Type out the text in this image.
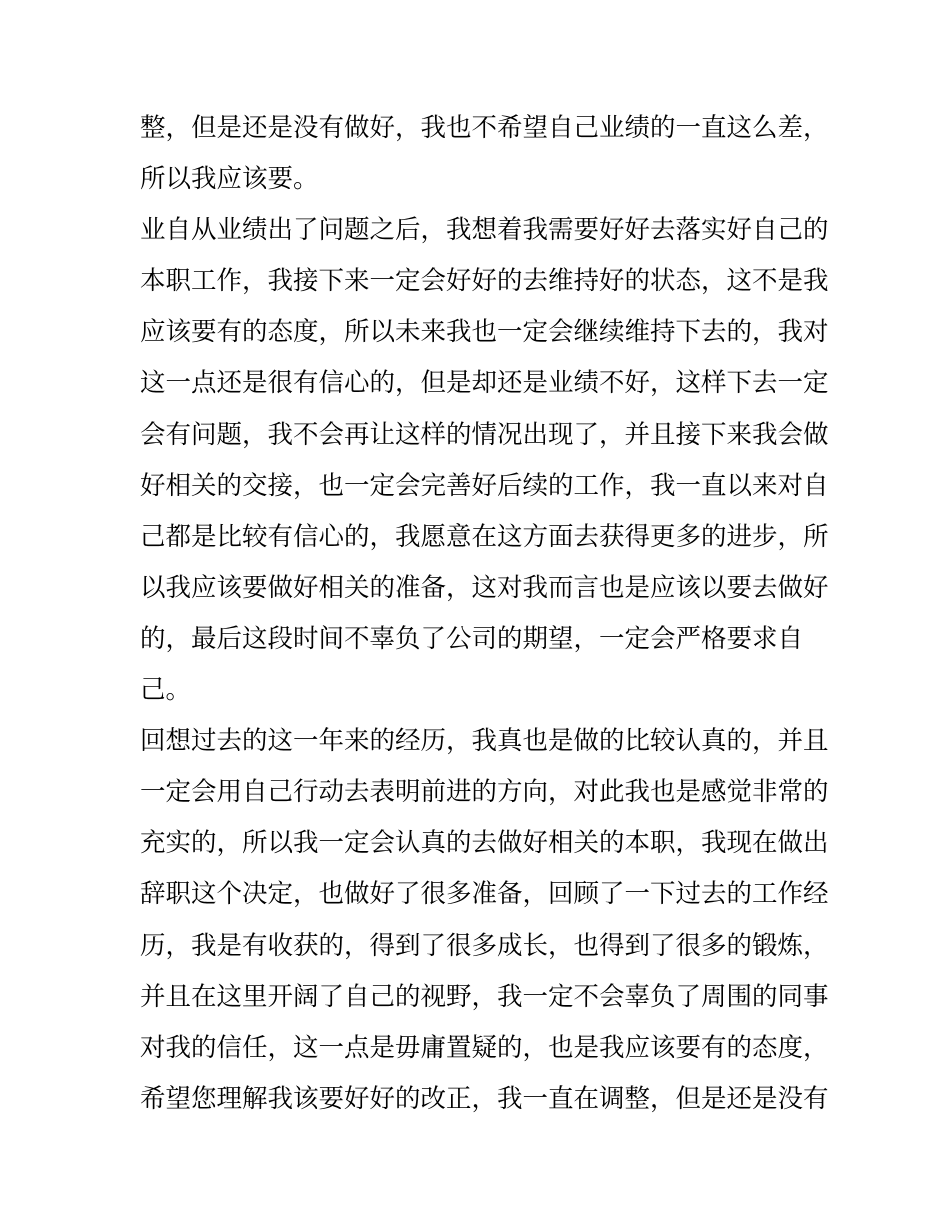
整，但是还是没有做好，我也不希望自己业绩的一直这么差，
所以我应该要。
业自从业绩出了问题之后，我想着我需要好好去落实好自己的
本职工作，我接下来一定会好好的去维持好的状态，这不是我
应该要有的态度，所以未来我也一定会继续维持下去的，我对
这一点还是很有信心的，但是却还是业绩不好，这样下去一定
会有问题，我不会再让这样的情况出现了，并且接下来我会做
好相关的交接，也一定会完善好后续的工作，我一直以来对自
己都是比较有信心的，我愿意在这方面去获得更多的进步，所
以我应该要做好相关的准备，这对我而言也是应该以要去做好
的，最后这段时间不辜负了公司的期望，一定会严格要求自
己。
回想过去的这一年来的经历，我真也是做的比较认真的，并且
一定会用自己行动去表明前进的方向，对此我也是感觉非常的
充实的，所以我一定会认真的去做好相关的本职，我现在做出
辞职这个决定，也做好了很多准备，回顾了一下过去的工作经
历，我是有收获的，得到了很多成长，也得到了很多的锻炼，
并且在这里开阔了自己的视野，我一定不会辜负了周围的同事
对我的信任，这一点是毋庸置疑的，也是我应该要有的态度，
希望您理解我该要好好的改正，我一直在调整，但是还是没有
